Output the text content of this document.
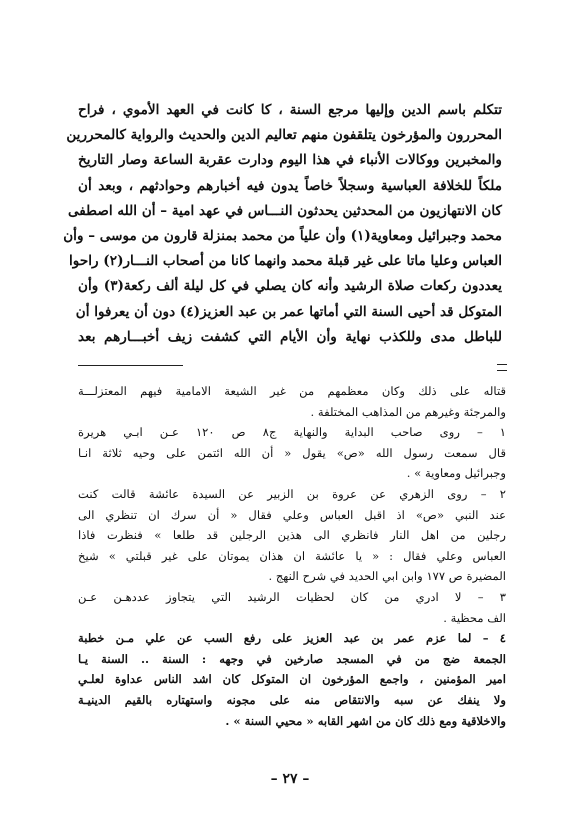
تتكلم باسم الدين وإليها مرجع السنة ، كا كانت في العهد الأموي ، فراح
المحررون والمؤرخون يتلقفون منهم تعاليم الدين والحديث والرواية كالمحررين
والمخبرين ووكالات الأنباء في هذا اليوم ودارت عقربة الساعة وصار التاريخ
ملكاً للخلافة العباسية وسجلاً خاصاً يدون فيه أخبارهم وحوادثهم ، وبعد أن
كان الانتهازيون من المحدثين يحدثون النـــاس في عهد امية – أن الله اصطفى
محمد وجبرائيل ومعاوية(١) وأن علياً من محمد بمنزلة قارون من موسى – وأن
العباس وعليا ماتا على غير قبلة محمد وانهما كانا من أصحاب النـــار(٢) راحوا
يعددون ركعات صلاة الرشيد وأنه كان يصلي في كل ليلة ألف ركعة(٣) وأن
المتوكل قد أحيى السنة التي أماتها عمر بن عبد العزيز(٤) دون أن يعرفوا أن
للباطل مدى وللكذب نهاية وأن الأيام التي كشفت زيف أخبـــارهم بعد
قتاله على ذلك وكان معظمهم من غير الشيعة الامامية فيهم المعتزلـــة
والمرجئة وغيرهم من المذاهب المختلفة .
١ – روى صاحب البداية والنهاية ج٨ ص ١٢٠ عـن ابـي هريرة
قال سمعت رسول الله «ص» يقول « أن الله ائتمن على وحيه ثلاثة انـا
وجبرائيل ومعاوية » .
٢ – روى الزهري عن عروة بن الزبير عن السيدة عائشة قالت كنت
عند النبي «ص» اذ اقبل العباس وعلي فقال « أن سرك ان تنظري الى
رجلين من اهل النار فانظري الى هذين الرجلين قد طلعا » فنظرت فاذا
العباس وعلي فقال : « يا عائشة ان هذان يموتان على غير قبلتي » شيخ
المضيرة ص ١٧٧ وابن ابي الحديد في شرح النهج .
٣ – لا ادري من كان لحظيات الرشيد التي يتجاوز عددهـن عـن
الف محظية .
٤ – لما عزم عمر بن عبد العزيز على رفع السب عن علي مـن خطبة
الجمعة ضج من في المسجد صارخين في وجهه : السنة .. السنة يـا
امير المؤمنين ، واجمع المؤرخون ان المتوكل كان اشد الناس عداوة لعلـي
ولا ينفك عن سبه والانتقاص منه على مجونه واستهتاره بالقيم الدينيـة
والاخلاقية ومع ذلك كان من اشهر القابه « محيي السنة » .
– ٢٧ –
